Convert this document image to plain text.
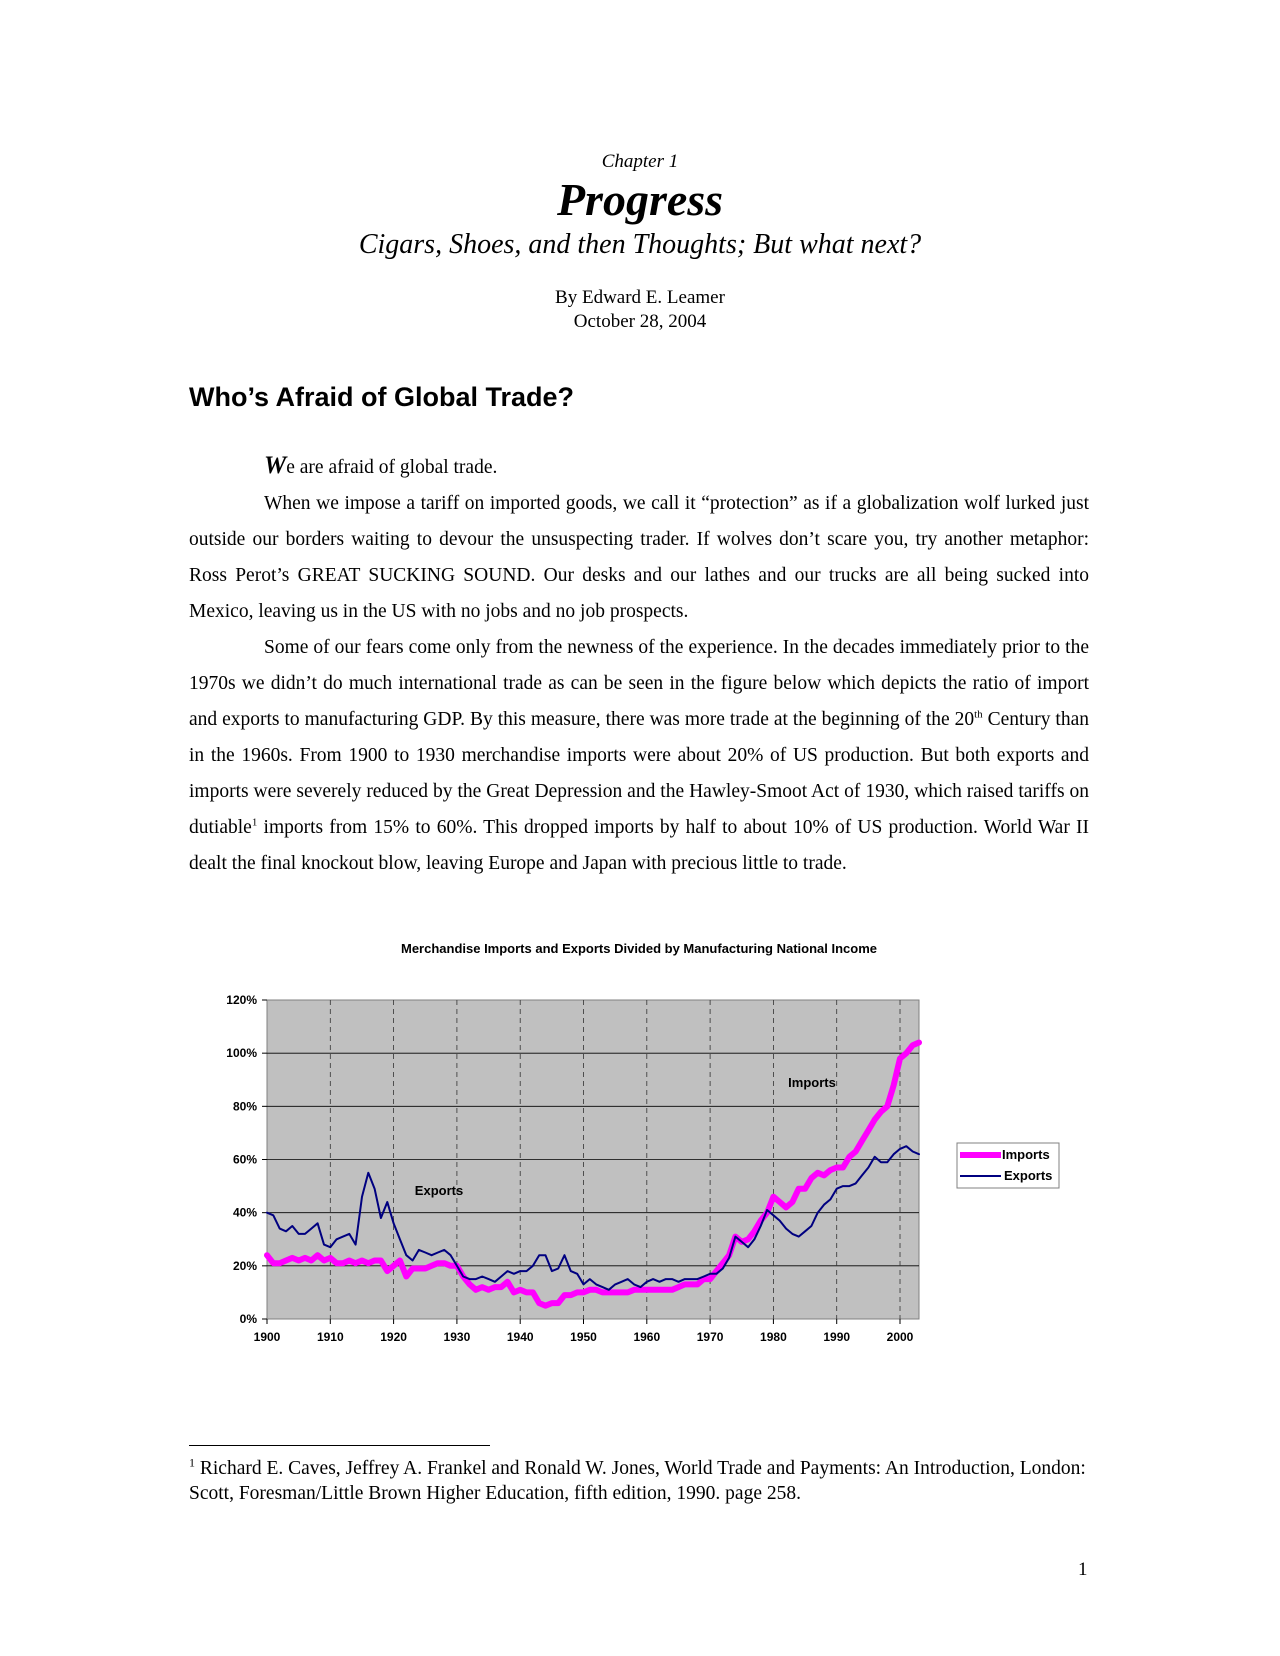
Chapter 1
Progress
Cigars, Shoes, and then Thoughts; But what next?
By Edward E. Leamer
October 28, 2004
Who’s Afraid of Global Trade?

We are afraid of global trade.

When we impose a tariff on imported goods, we call it “protection” as if a globalization wolf lurked just outside our borders waiting to devour the unsuspecting trader. If wolves don’t scare you, try another metaphor: Ross Perot’s GREAT SUCKING SOUND. Our desks and our lathes and our trucks are all being sucked into Mexico, leaving us in the US with no jobs and no job prospects.

Some of our fears come only from the newness of the experience. In the decades immediately prior to the 1970s we didn’t do much international trade as can be seen in the figure below which depicts the ratio of import and exports to manufacturing GDP. By this measure, there was more trade at the beginning of the 20th Century than in the 1960s. From 1900 to 1930 merchandise imports were about 20% of US production. But both exports and imports were severely reduced by the Great Depression and the Hawley-Smoot Act of 1930, which raised tariffs on dutiable$^1$ imports from 15% to 60%. This dropped imports by half to about 10% of US production. World War II dealt the final knockout blow, leaving Europe and Japan with precious little to trade.

Merchandise Imports and Exports Divided by Manufacturing National Income
0%
20%
40%
60%
80%
100%
120%
1900	1910	1920	1930	1940	1950	1960	1970	1980	1990	2000
Imports
Exports
Imports
Exports
$^1$ Richard E. Caves, Jeffrey A. Frankel and Ronald W. Jones, World Trade and Payments: An Introduction, London: Scott, Foresman/Little Brown Higher Education, fifth edition, 1990. page 258.
1
